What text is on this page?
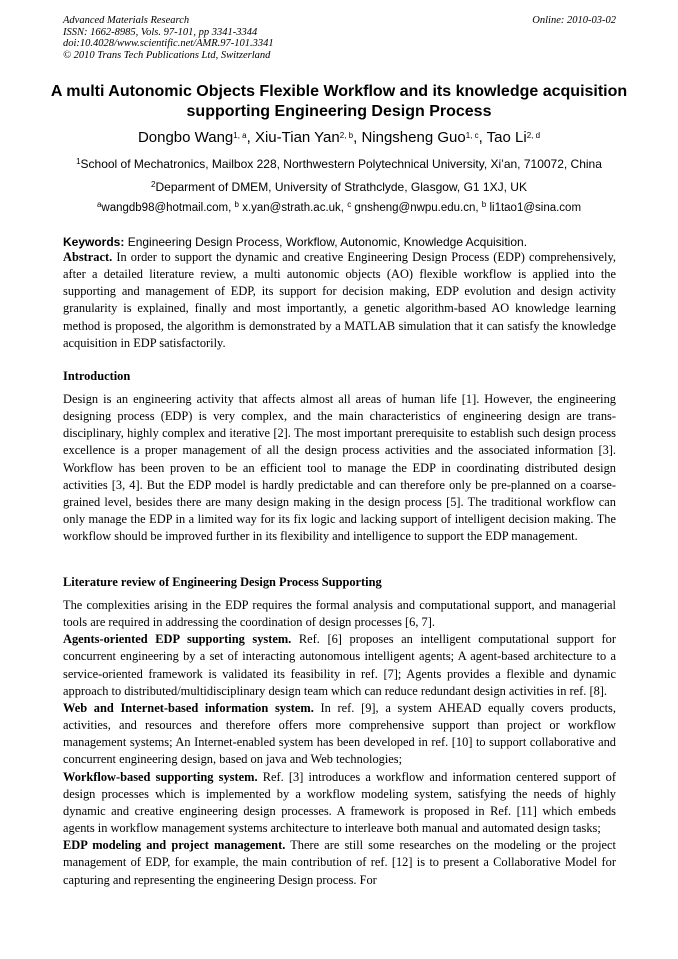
Advanced Materials Research
ISSN: 1662-8985, Vols. 97-101, pp 3341-3344
doi:10.4028/www.scientific.net/AMR.97-101.3341
© 2010 Trans Tech Publications Ltd, Switzerland
Online: 2010-03-02
A multi Autonomic Objects Flexible Workflow and its knowledge acquisition supporting Engineering Design Process
Dongbo Wang$^{1, a}$, Xiu-Tian Yan$^{2, b}$, Ningsheng Guo$^{1, c}$, Tao Li$^{2, d}$
$^1$School of Mechatronics, Mailbox 228, Northwestern Polytechnical University, Xi’an, 710072, China
$^2$Deparment of DMEM, University of Strathclyde, Glasgow, G1 1XJ, UK
$^a$wangdb98@hotmail.com, $^b$ x.yan@strath.ac.uk, $^c$ gnsheng@nwpu.edu.cn, $^b$ li1tao1@sina.com
Keywords: Engineering Design Process, Workflow, Autonomic, Knowledge Acquisition.

Abstract. In order to support the dynamic and creative Engineering Design Process (EDP) comprehensively, after a detailed literature review, a multi autonomic objects (AO) flexible workflow is applied into the supporting and management of EDP, its support for decision making, EDP evolution and design activity granularity is explained, finally and most importantly, a genetic algorithm-based AO knowledge learning method is proposed, the algorithm is demonstrated by a MATLAB simulation that it can satisfy the knowledge acquisition in EDP satisfactorily.

Introduction

Design is an engineering activity that affects almost all areas of human life [1]. However, the engineering designing process (EDP) is very complex, and the main characteristics of engineering design are trans-disciplinary, highly complex and iterative [2]. The most important prerequisite to establish such design process excellence is a proper management of all the design process activities and the associated information [3]. Workflow has been proven to be an efficient tool to manage the EDP in coordinating distributed design activities [3, 4]. But the EDP model is hardly predictable and can therefore only be pre-planned on a coarse-grained level, besides there are many design making in the design process [5]. The traditional workflow can only manage the EDP in a limited way for its fix logic and lacking support of intelligent decision making. The workflow should be improved further in its flexibility and intelligence to support the EDP management.

Literature review of Engineering Design Process Supporting

The complexities arising in the EDP requires the formal analysis and computational support, and managerial tools are required in addressing the coordination of design processes [6, 7].

Agents-oriented EDP supporting system. Ref. [6] proposes an intelligent computational support for concurrent engineering by a set of interacting autonomous intelligent agents; A agent-based architecture to a service-oriented framework is validated its feasibility in ref. [7]; Agents provides a flexible and dynamic approach to distributed/multidisciplinary design team which can reduce redundant design activities in ref. [8].

Web and Internet-based information system. In ref. [9], a system AHEAD equally covers products, activities, and resources and therefore offers more comprehensive support than project or workflow management systems; An Internet-enabled system has been developed in ref. [10] to support collaborative and concurrent engineering design, based on java and Web technologies;

Workflow-based supporting system. Ref. [3] introduces a workflow and information centered support of design processes which is implemented by a workflow modeling system, satisfying the needs of highly dynamic and creative engineering design processes. A framework is proposed in Ref. [11] which embeds agents in workflow management systems architecture to interleave both manual and automated design tasks;

EDP modeling and project management. There are still some researches on the modeling or the project management of EDP, for example, the main contribution of ref. [12] is to present a Collaborative Model for capturing and representing the engineering Design process. For
